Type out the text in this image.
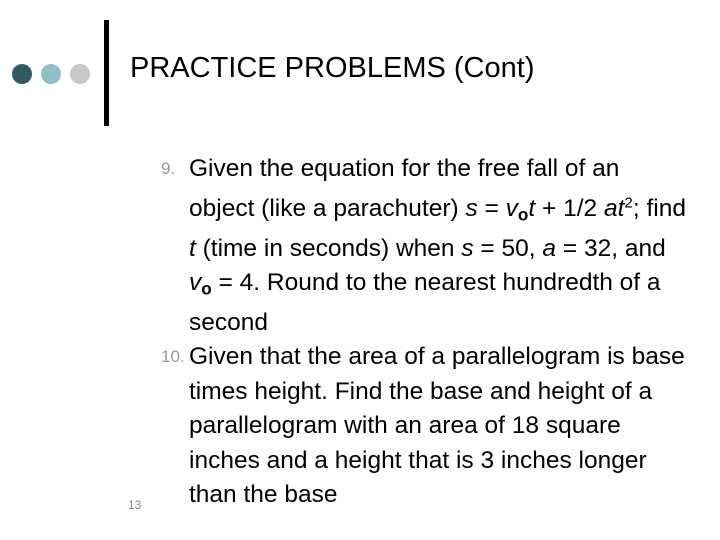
PRACTICE PROBLEMS (Cont)
9. Given the equation for the free fall of an object (like a parachuter) $s = v_ot + 1/2$ $at^2$; find t (time in seconds) when s = 50, a = 32, and $v_o = 4$. Round to the nearest hundredth of a second
10. Given that the area of a parallelogram is base times height. Find the base and height of a parallelogram with an area of 18 square inches and a height that is 3 inches longer than the base
13
